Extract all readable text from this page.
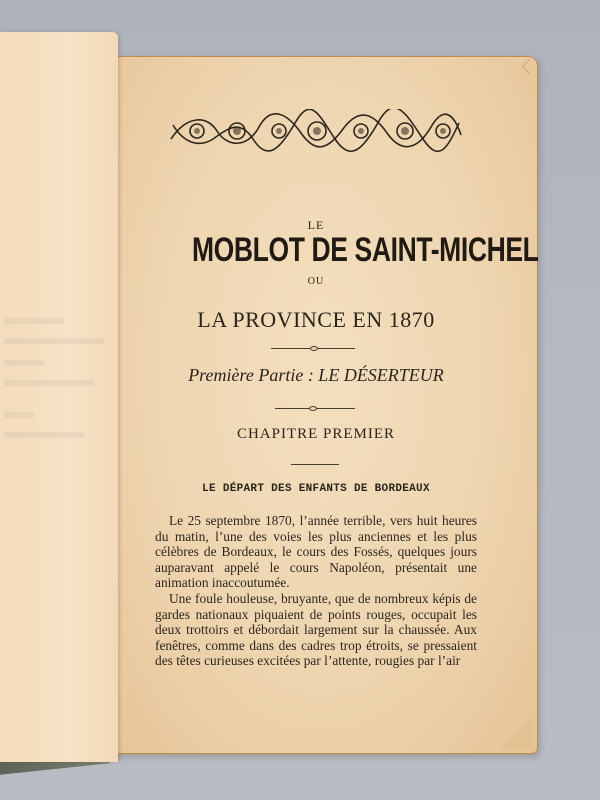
LE
MOBLOT DE SAINT-MICHEL
OU
LA PROVINCE EN 1870
Première Partie : LE DÉSERTEUR
CHAPITRE PREMIER
LE DÉPART DES ENFANTS DE BORDEAUX

Le 25 septembre 1870, l’année terrible, vers huit heures du matin, l’une des voies les plus anciennes et les plus célèbres de Bordeaux, le cours des Fossés, quelques jours auparavant appelé le cours Napoléon, présentait une animation inaccoutumée.

Une foule houleuse, bruyante, que de nombreux képis de gardes nationaux piquaient de points rouges, occupait les deux trottoirs et débordait largement sur la chaussée. Aux fenêtres, comme dans des cadres trop étroits, se pressaient des têtes curieuses excitées par l’attente, rougies par l’air
